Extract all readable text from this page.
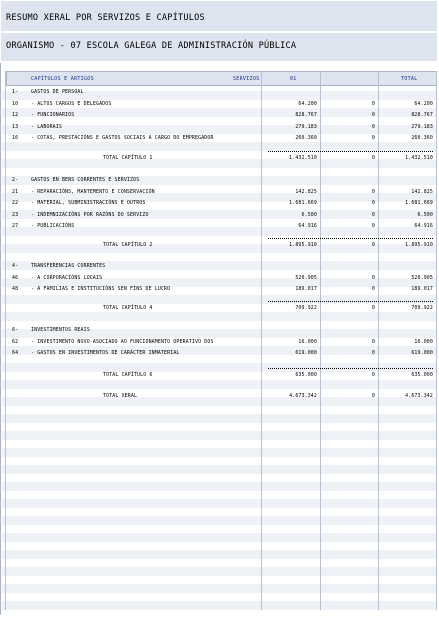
RESUMO XERAL POR SERVIZOS E CAPÍTULOS
ORGANISMO - 07 ESCOLA GALEGA DE ADMINISTRACIÓN PÚBLICA
CAPÍTULOS E ARTIGOS	SERVIZOS	01	TOTAL
1-	GASTOS DE PERSOAL
10	- ALTOS CARGOS E DELEGADOS	64.200	0	64.200
12	- FUNCIONARIOS	828.767	0	828.767
13	- LABORAIS	279.183	0	279.183
16	- COTAS, PRESTACIÓNS E GASTOS SOCIAIS A CARGO DO EMPREGADOR	260.360	0	260.360
TOTAL CAPÍTULO 1	1.432.510	0	1.432.510
2-	GASTOS EN BENS CORRENTES E SERVIZOS
21	- REPARACIÓNS, MANTEMENTO E CONSERVACIÓN	142.825	0	142.825
22	- MATERIAL, SUBMINISTRACIÓNS E OUTROS	1.681.669	0	1.681.669
23	- INDEMNIZACIÓNS POR RAZÓNS DO SERVIZO	6.500	0	6.500
27	- PUBLICACIÓNS	64.916	0	64.916
TOTAL CAPÍTULO 2	1.895.910	0	1.895.910
4-	TRANSFERENCIAS CORRENTES
46	- A CORPORACIÓNS LOCAIS	520.905	0	520.905
48	- A FAMILIAS E INSTITUCIÓNS SEN FINS DE LUCRO	189.017	0	189.017
TOTAL CAPÍTULO 4	709.922	0	709.922
6-	INVESTIMENTOS REAIS
62	- INVESTIMENTO NOVO ASOCIADO AO FUNCIONAMENTO OPERATIVO DOS	16.000	0	16.000
64	- GASTOS EN INVESTIMENTOS DE CARÁCTER INMATERIAL	619.000	0	619.000
TOTAL CAPÍTULO 6	635.000	0	635.000
TOTAL XERAL	4.673.342	0	4.673.342
